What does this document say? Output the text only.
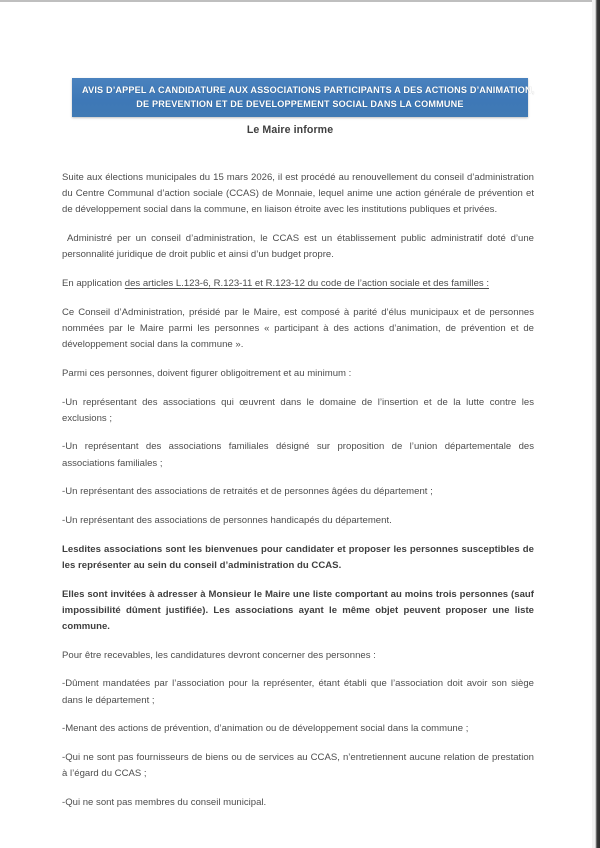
AVIS D’APPEL A CANDIDATURE AUX ASSOCIATIONS PARTICIPANTS A DES ACTIONS D’ANIMATION,
DE PREVENTION ET DE DEVELOPPEMENT SOCIAL DANS LA COMMUNE
Le Maire informe

Suite aux élections municipales du 15 mars 2026, il est procédé au renouvellement du conseil d’administration du Centre Communal d’action sociale (CCAS) de Monnaie, lequel anime une action générale de prévention et de développement social dans la commune, en liaison étroite avec les institutions publiques et privées.

Administré per un conseil d’administration, le CCAS est un établissement public administratif doté d’une personnalité juridique de droit public et ainsi d’un budget propre.

En application des articles L.123-6, R.123-11 et R.123-12 du code de l’action sociale et des familles :

Ce Conseil d’Administration, présidé par le Maire, est composé à parité d’élus municipaux et de personnes nommées par le Maire parmi les personnes « participant à des actions d’animation, de prévention et de développement social dans la commune ».

Parmi ces personnes, doivent figurer obligoitrement et au minimum :

-Un représentant des associations qui œuvrent dans le domaine de l’insertion et de la lutte contre les exclusions ;

-Un représentant des associations familiales désigné sur proposition de l’union départementale des associations familiales ;

-Un représentant des associations de retraités et de personnes âgées du département ;

-Un représentant des associations de personnes handicapés du département.

Lesdites associations sont les bienvenues pour candidater et proposer les personnes susceptibles de les représenter au sein du conseil d’administration du CCAS.

Elles sont invitées à adresser à Monsieur le Maire une liste comportant au moins trois personnes (sauf impossibilité dûment justifiée). Les associations ayant le même objet peuvent proposer une liste commune.

Pour être recevables, les candidatures devront concerner des personnes :

-Dûment mandatées par l’association pour la représenter, étant établi que l’association doit avoir son siège dans le département ;

-Menant des actions de prévention, d’animation ou de développement social dans la commune ;

-Qui ne sont pas fournisseurs de biens ou de services au CCAS, n’entretiennent aucune relation de prestation à l’égard du CCAS ;

-Qui ne sont pas membres du conseil municipal.
